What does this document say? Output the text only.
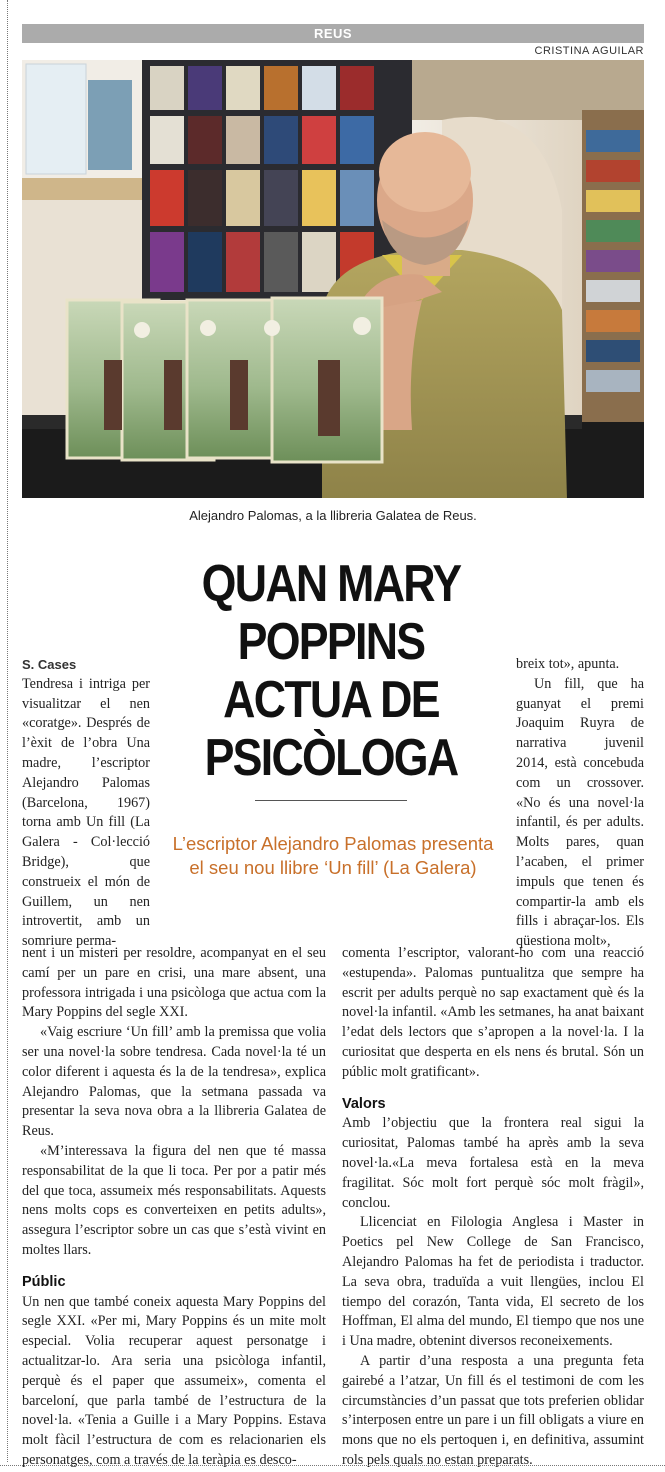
REUS
CRISTINA AGUILAR
Alejandro Palomas, a la llibreria Galatea de Reus.
QUAN MARY POPPINS ACTUA DE PSICÒLOGA
L’escriptor Alejandro Palomas presenta el seu nou llibre ‘Un fill’ (La Galera)

S. Cases

Tendresa i intriga per visualitzar el nen «coratge». Després de l’èxit de l’obra Una madre, l’escriptor Alejandro Palomas (Barcelona, 1967) torna amb Un fill (La Galera - Col·lecció Bridge), que construeix el món de Guillem, un nen introvertit, amb un somriure perma-

nent i un misteri per resoldre, acompanyat en el seu camí per un pare en crisi, una mare absent, una professora intrigada i una psicòloga que actua com la Mary Poppins del segle XXI.

«Vaig escriure ‘Un fill’ amb la premissa que volia ser una novel·la sobre tendresa. Cada novel·la té un color diferent i aquesta és la de la tendresa», explica Alejandro Palomas, que la setmana passada va presentar la seva nova obra a la llibreria Galatea de Reus.

«M’interessava la figura del nen que té massa responsabilitat de la que li toca. Per por a patir més del que toca, assumeix més responsabilitats. Aquests nens molts cops es converteixen en petits adults», assegura l’escriptor sobre un cas que s’està vivint en moltes llars.

Públic

Un nen que també coneix aquesta Mary Poppins del segle XXI. «Per mi, Mary Poppins és un mite molt especial. Volia recuperar aquest personatge i actualitzar-lo. Ara seria una psicòloga infantil, perquè és el paper que assumeix», comenta el barceloní, que parla també de l’estructura de la novel·la. «Tenia a Guille i a Mary Poppins. Estava molt fàcil l’estructura de com es relacionarien els personatges, com a través de la teràpia es desco-

breix tot», apunta.

Un fill, que ha guanyat el premi Joaquim Ruyra de narrativa juvenil 2014, està concebuda com un crossover. «No és una novel·la infantil, és per adults. Molts pares, quan l’acaben, el primer impuls que tenen és compartir-la amb els fills i abraçar-los. Els qüestiona molt»,

comenta l’escriptor, valorant-ho com una reacció «estupenda». Palomas puntualitza que sempre ha escrit per adults perquè no sap exactament què és la novel·la infantil. «Amb les setmanes, ha anat baixant l’edat dels lectors que s’apropen a la novel·la. I la curiositat que desperta en els nens és brutal. Són un públic molt gratificant».

Valors

Amb l’objectiu que la frontera real sigui la curiositat, Palomas també ha après amb la seva novel·la.«La meva fortalesa està en la meva fragilitat. Sóc molt fort perquè sóc molt fràgil», conclou.

Llicenciat en Filologia Anglesa i Master in Poetics pel New College de San Francisco, Alejandro Palomas ha fet de periodista i traductor. La seva obra, traduïda a vuit llengües, inclou El tiempo del corazón, Tanta vida, El secreto de los Hoffman, El alma del mundo, El tiempo que nos une i Una madre, obtenint diversos reconeixements.

A partir d’una resposta a una pregunta feta gairebé a l’atzar, Un fill és el testimoni de com les circumstàncies d’un passat que tots preferien oblidar s’interposen entre un pare i un fill obligats a viure en mons que no els pertoquen i, en definitiva, assumint rols pels quals no estan preparats.
